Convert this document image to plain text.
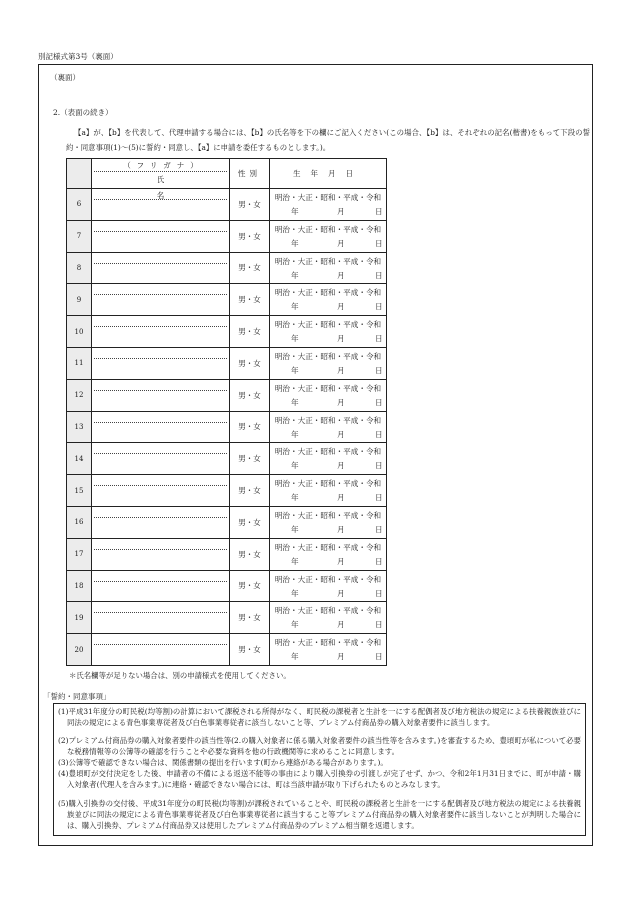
別記様式第3号（裏面）
（裏面）
2.（表面の続き）

【a】が、【b】を代表して、代理申請する場合には、【b】の氏名等を下の欄にご記入ください(この場合、【b】は、それぞれの記名(楷書)をもって下段の誓約・同意事項(1)～(5)に誓約・同意し、【a】に申請を委任するものとします。)。

	（フリガナ）
氏名	性別	生年月日
6		男・女	明治・大正・昭和・平成・令和
年 月 日

7		男・女	明治・大正・昭和・平成・令和
年 月 日

8		男・女	明治・大正・昭和・平成・令和
年 月 日

9		男・女	明治・大正・昭和・平成・令和
年 月 日

10		男・女	明治・大正・昭和・平成・令和
年 月 日

11		男・女	明治・大正・昭和・平成・令和
年 月 日

12		男・女	明治・大正・昭和・平成・令和
年 月 日

13		男・女	明治・大正・昭和・平成・令和
年 月 日

14		男・女	明治・大正・昭和・平成・令和
年 月 日

15		男・女	明治・大正・昭和・平成・令和
年 月 日

16		男・女	明治・大正・昭和・平成・令和
年 月 日

17		男・女	明治・大正・昭和・平成・令和
年 月 日

18		男・女	明治・大正・昭和・平成・令和
年 月 日

19		男・女	明治・大正・昭和・平成・令和
年 月 日

20		男・女	明治・大正・昭和・平成・令和
年 月 日
＊氏名欄等が足りない場合は、別の申請様式を使用してください。
「誓約・同意事項」
(1)平成31年度分の町民税(均等割)の計算において課税される所得がなく、町民税の課税者と生計を一にする配偶者及び地方税法の規定による扶養親族並びに同法の規定による青色事業専従者及び白色事業専従者に該当しないこと等、プレミアム付商品券の購入対象者要件に該当します。
(2)プレミアム付商品券の購入対象者要件の該当性等(2.の購入対象者に係る購入対象者要件の該当性等を含みます。)を審査するため、豊頃町が私について必要な税務情報等の公簿等の確認を行うことや必要な資料を他の行政機関等に求めることに同意します。
(3)公簿等で確認できない場合は、関係書類の提出を行います(町から連絡がある場合があります。)。
(4)豊頃町が交付決定をした後、申請者の不備による返送不能等の事由により購入引換券の引渡しが完了せず、かつ、令和2年1月31日までに、町が申請・購入対象者(代理人を含みます。)に連絡・確認できない場合には、町は当該申請が取り下げられたものとみなします。
(5)購入引換券の交付後、平成31年度分の町民税(均等割)が課税されていることや、町民税の課税者と生計を一にする配偶者及び地方税法の規定による扶養親族並びに同法の規定による青色事業専従者及び白色事業専従者に該当すること等プレミアム付商品券の購入対象者要件に該当しないことが判明した場合には、購入引換券、プレミアム付商品券又は使用したプレミアム付商品券のプレミアム相当額を返還します。
